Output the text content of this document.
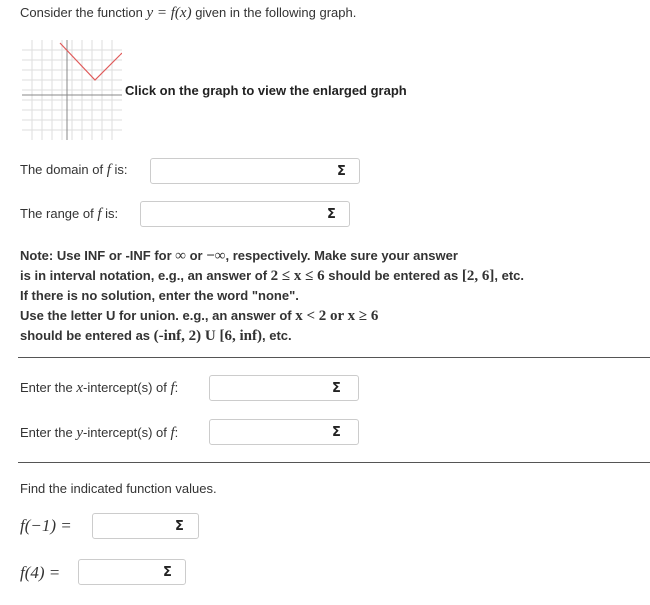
Consider the function y = f(x) given in the following graph.
Click on the graph to view the enlarged graph
The domain of f is:	Σ
The range of f is:	Σ
Note: Use INF or -INF for ∞ or −∞, respectively. Make sure your answer
is in interval notation, e.g., an answer of 2 ≤ x ≤ 6 should be entered as [2, 6], etc.
If there is no solution, enter the word "none".
Use the letter U for union. e.g., an answer of x < 2 or x ≥ 6
should be entered as (-inf, 2) U [6, inf), etc.
Enter the x-intercept(s) of f:	Σ
Enter the y-intercept(s) of f:	Σ
Find the indicated function values.
f(−1) =	Σ
f(4) =	Σ
